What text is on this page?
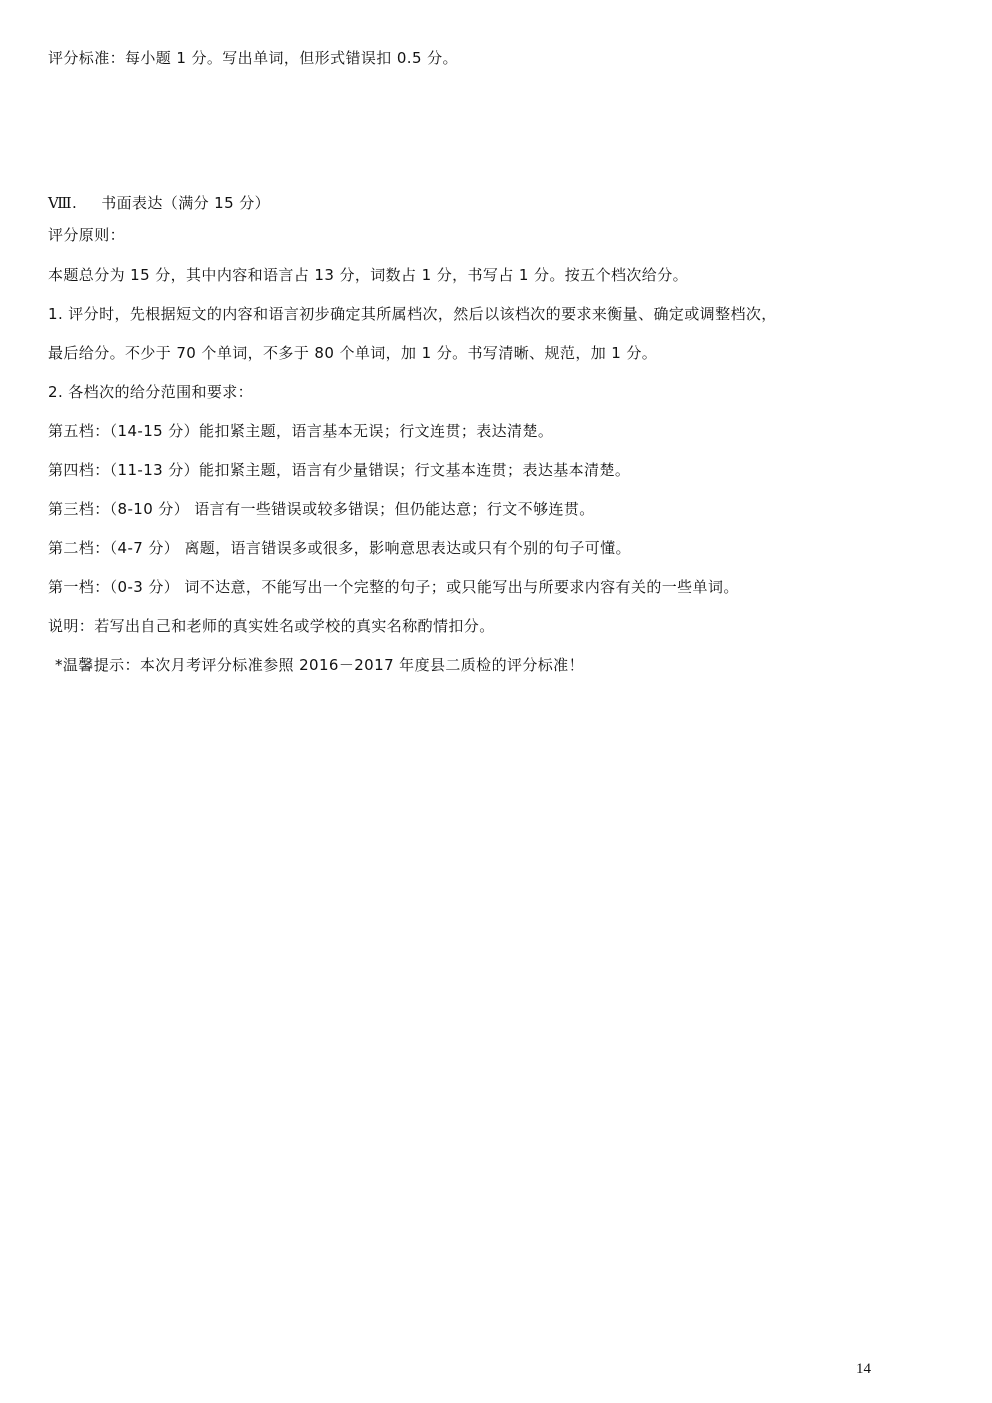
评分标准：每小题 1 分。写出单词，但形式错误扣 0.5 分。
Ⅷ. 书面表达（满分 15 分）
评分原则：
本题总分为 15 分，其中内容和语言占 13 分，词数占 1 分，书写占 1 分。按五个档次给分。
1. 评分时，先根据短文的内容和语言初步确定其所属档次，然后以该档次的要求来衡量、确定或调整档次，
最后给分。不少于 70 个单词，不多于 80 个单词，加 1 分。书写清晰、规范，加 1 分。
2. 各档次的给分范围和要求：
第五档：（14-15 分）能扣紧主题，语言基本无误；行文连贯；表达清楚。
第四档：（11-13 分）能扣紧主题，语言有少量错误；行文基本连贯；表达基本清楚。
第三档：（8-10 分） 语言有一些错误或较多错误；但仍能达意；行文不够连贯。
第二档：（4-7 分） 离题，语言错误多或很多，影响意思表达或只有个别的句子可懂。
第一档：（0-3 分） 词不达意，不能写出一个完整的句子；或只能写出与所要求内容有关的一些单词。
说明：若写出自己和老师的真实姓名或学校的真实名称酌情扣分。
*温馨提示：本次月考评分标准参照 2016－2017 年度县二质检的评分标准！
14
